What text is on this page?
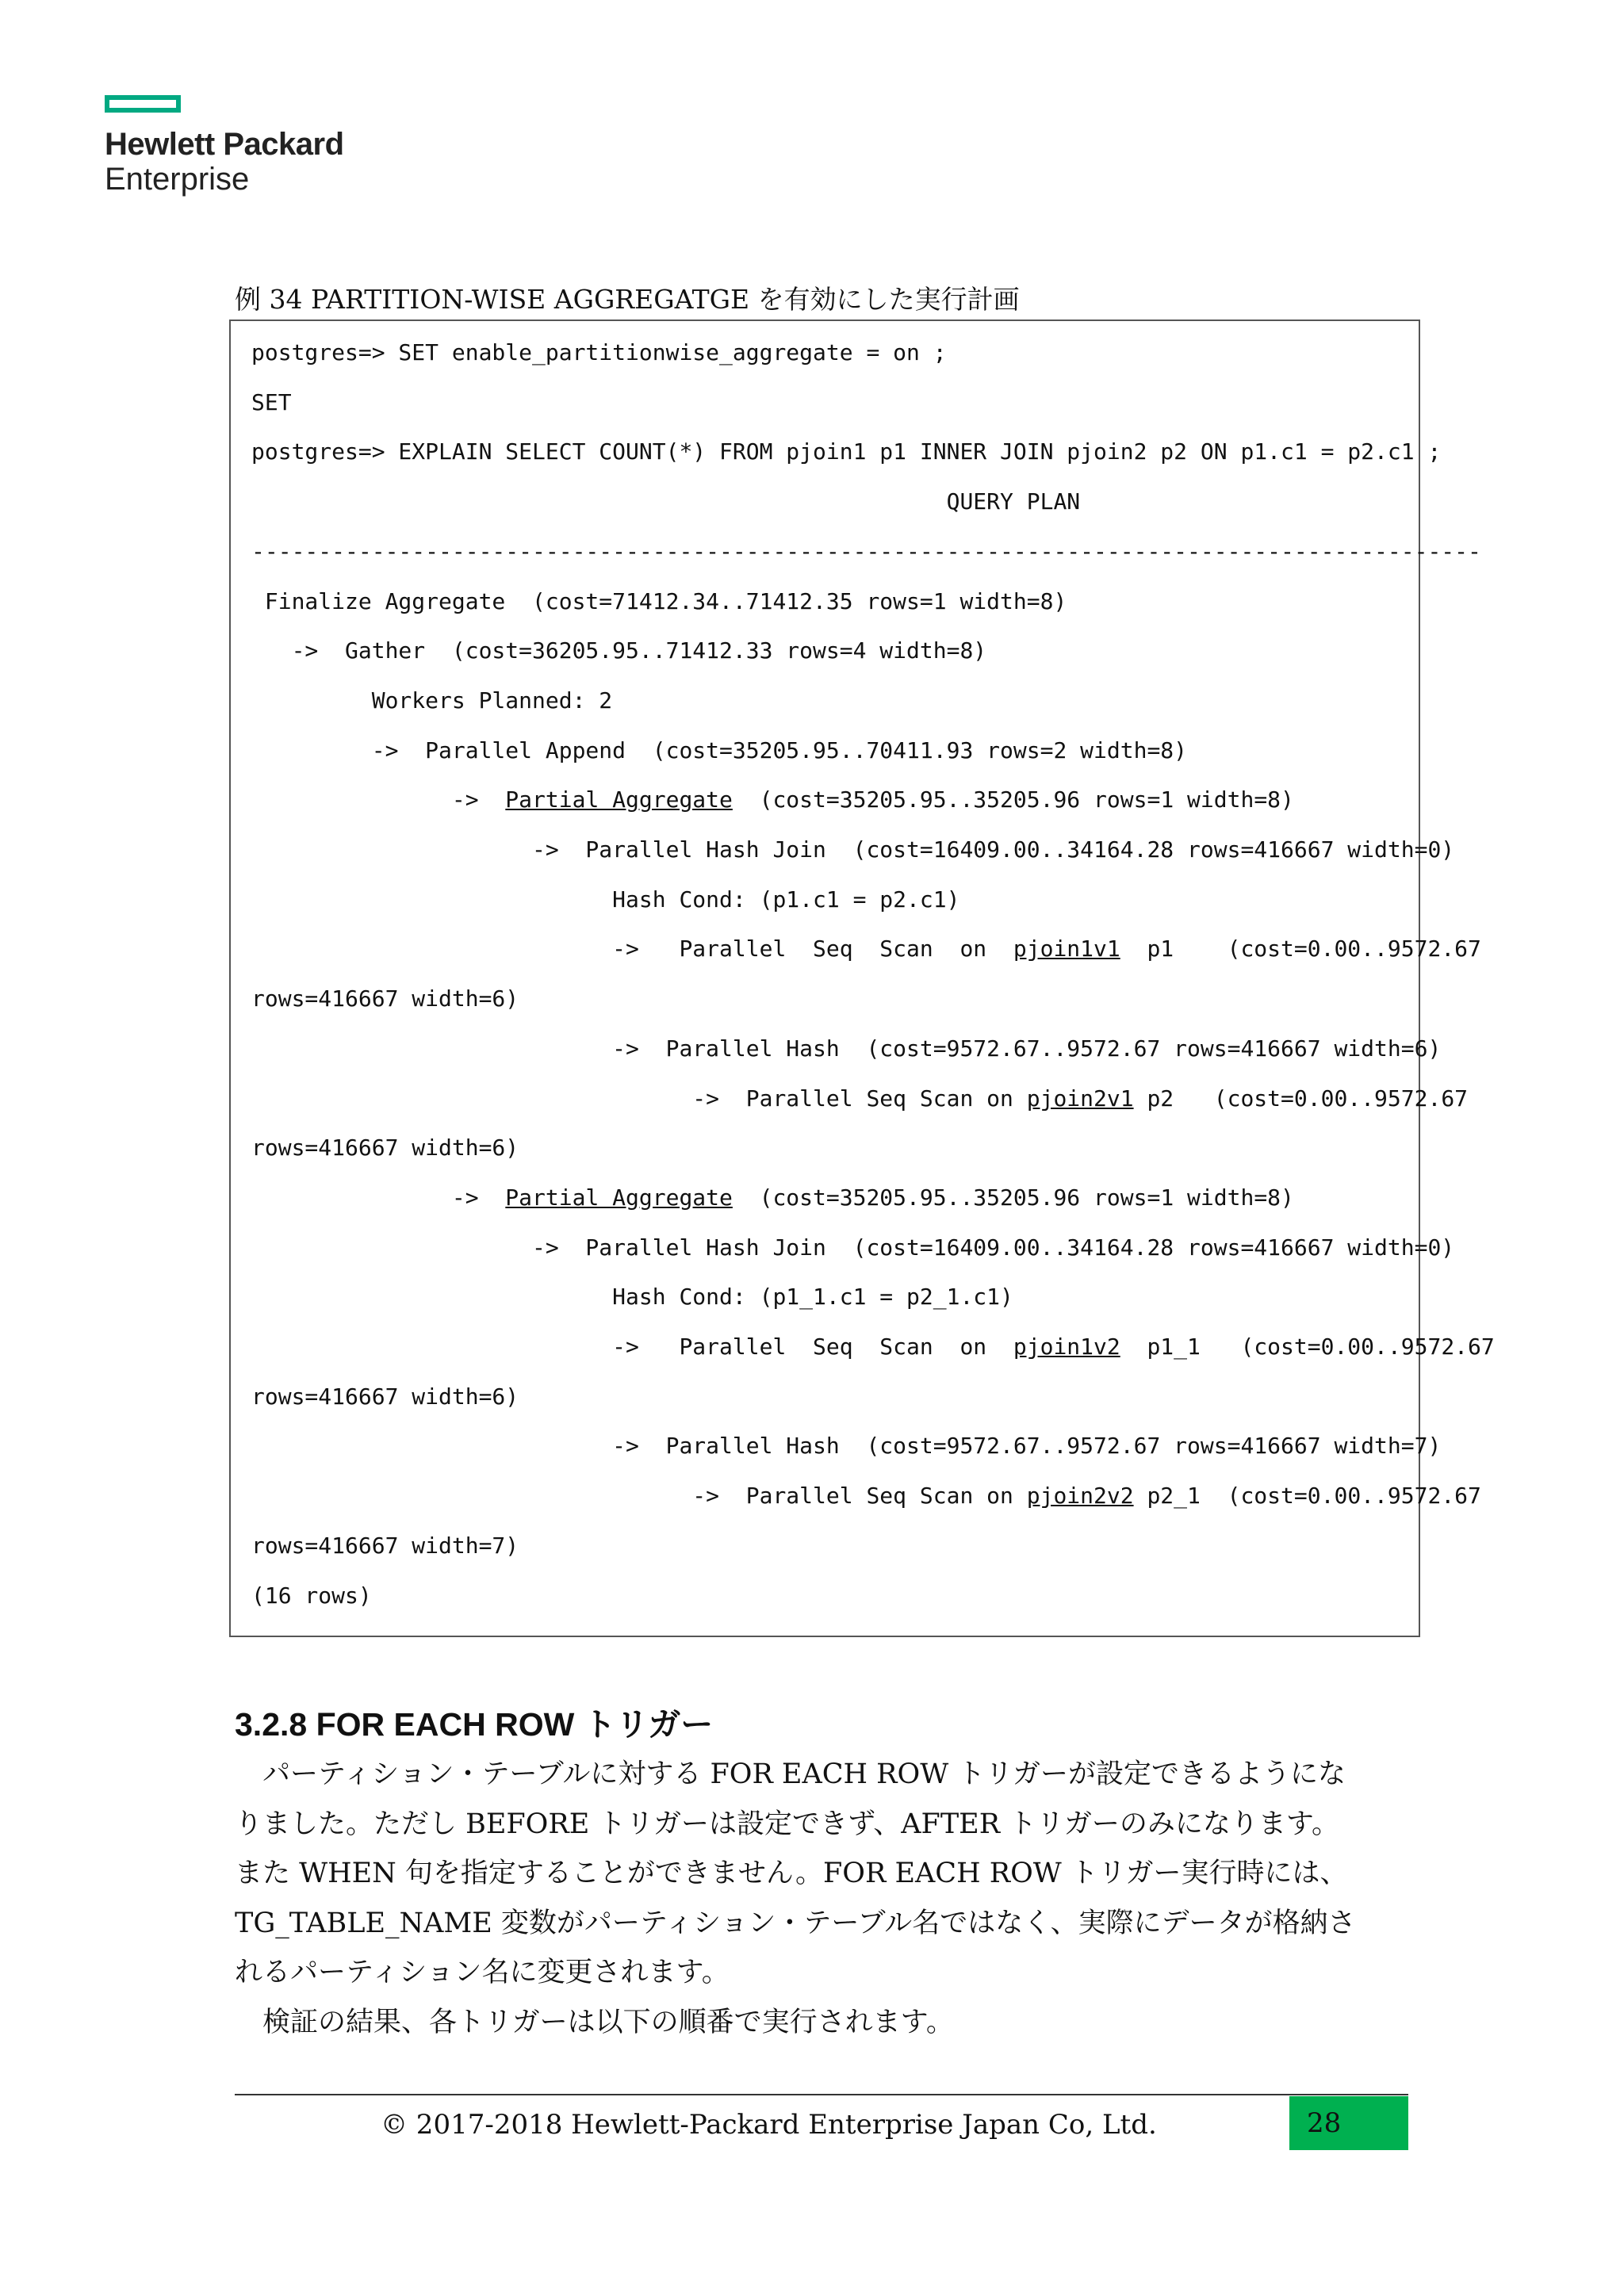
Hewlett Packard
Enterprise
例 34 PARTITION-WISE AGGREGATGE を有効にした実行計画
postgres=> SET enable_partitionwise_aggregate = on ;
SET
postgres=> EXPLAIN SELECT COUNT(*) FROM pjoin1 p1 INNER JOIN pjoin2 p2 ON p1.c1 = p2.c1 ;
QUERY PLAN
--------------------------------------------------------------------------------------------
Finalize Aggregate  (cost=71412.34..71412.35 rows=1 width=8)
->  Gather  (cost=36205.95..71412.33 rows=4 width=8)
Workers Planned: 2
->  Parallel Append  (cost=35205.95..70411.93 rows=2 width=8)
->  Partial Aggregate  (cost=35205.95..35205.96 rows=1 width=8)
->  Parallel Hash Join  (cost=16409.00..34164.28 rows=416667 width=0)
Hash Cond: (p1.c1 = p2.c1)
->   Parallel  Seq  Scan  on  pjoin1v1  p1    (cost=0.00..9572.67
rows=416667 width=6)
->  Parallel Hash  (cost=9572.67..9572.67 rows=416667 width=6)
->  Parallel Seq Scan on pjoin2v1 p2   (cost=0.00..9572.67
rows=416667 width=6)
->  Partial Aggregate  (cost=35205.95..35205.96 rows=1 width=8)
->  Parallel Hash Join  (cost=16409.00..34164.28 rows=416667 width=0)
Hash Cond: (p1_1.c1 = p2_1.c1)
->   Parallel  Seq  Scan  on  pjoin1v2  p1_1   (cost=0.00..9572.67
rows=416667 width=6)
->  Parallel Hash  (cost=9572.67..9572.67 rows=416667 width=7)
->  Parallel Seq Scan on pjoin2v2 p2_1  (cost=0.00..9572.67
rows=416667 width=7)
(16 rows)
3.2.8 FOR EACH ROW トリガー
　パーティション・テーブルに対する FOR EACH ROW トリガーが設定できるようにな
りました。ただし BEFORE トリガーは設定できず、AFTER トリガーのみになります。
また WHEN 句を指定することができません。FOR EACH ROW トリガー実行時には、
TG_TABLE_NAME 変数がパーティション・テーブル名ではなく、実際にデータが格納さ
れるパーティション名に変更されます。
　検証の結果、各トリガーは以下の順番で実行されます。
© 2017-2018 Hewlett-Packard Enterprise Japan Co, Ltd.	28
